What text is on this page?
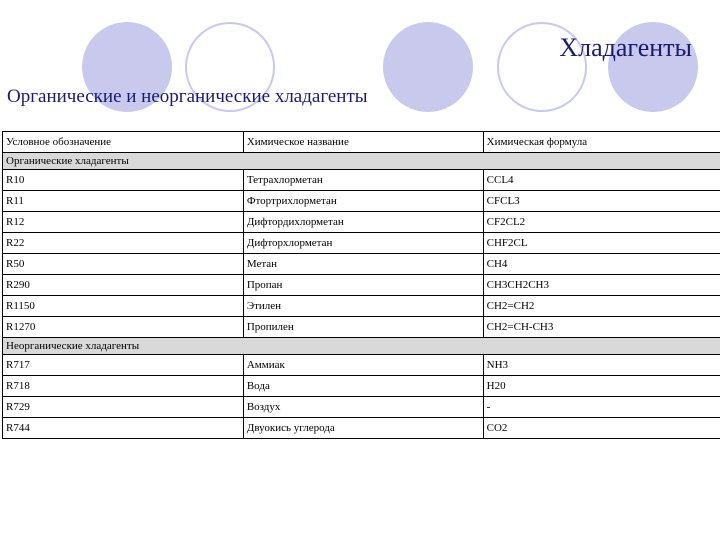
Хладагенты
Органические и неорганические хладагенты
Условное обозначение	Химическое название	Химическая формула
Органические хладагенты		
R10	Тетрахлорметан	CCL4
R11	Фтортрихлорметан	CFCL3
R12	Дифтордихлорметан	CF2CL2
R22	Дифторхлорметан	CHF2CL
R50	Метан	CH4
R290	Пропан	CH3CH2CH3
R1150	Этилен	CH2=CH2
R1270	Пропилен	CH2=CH-CH3
Неорганические хладагенты		
R717	Аммиак	NH3
R718	Вода	H20
R729	Воздух	-
R744	Двуокись углерода	CO2
